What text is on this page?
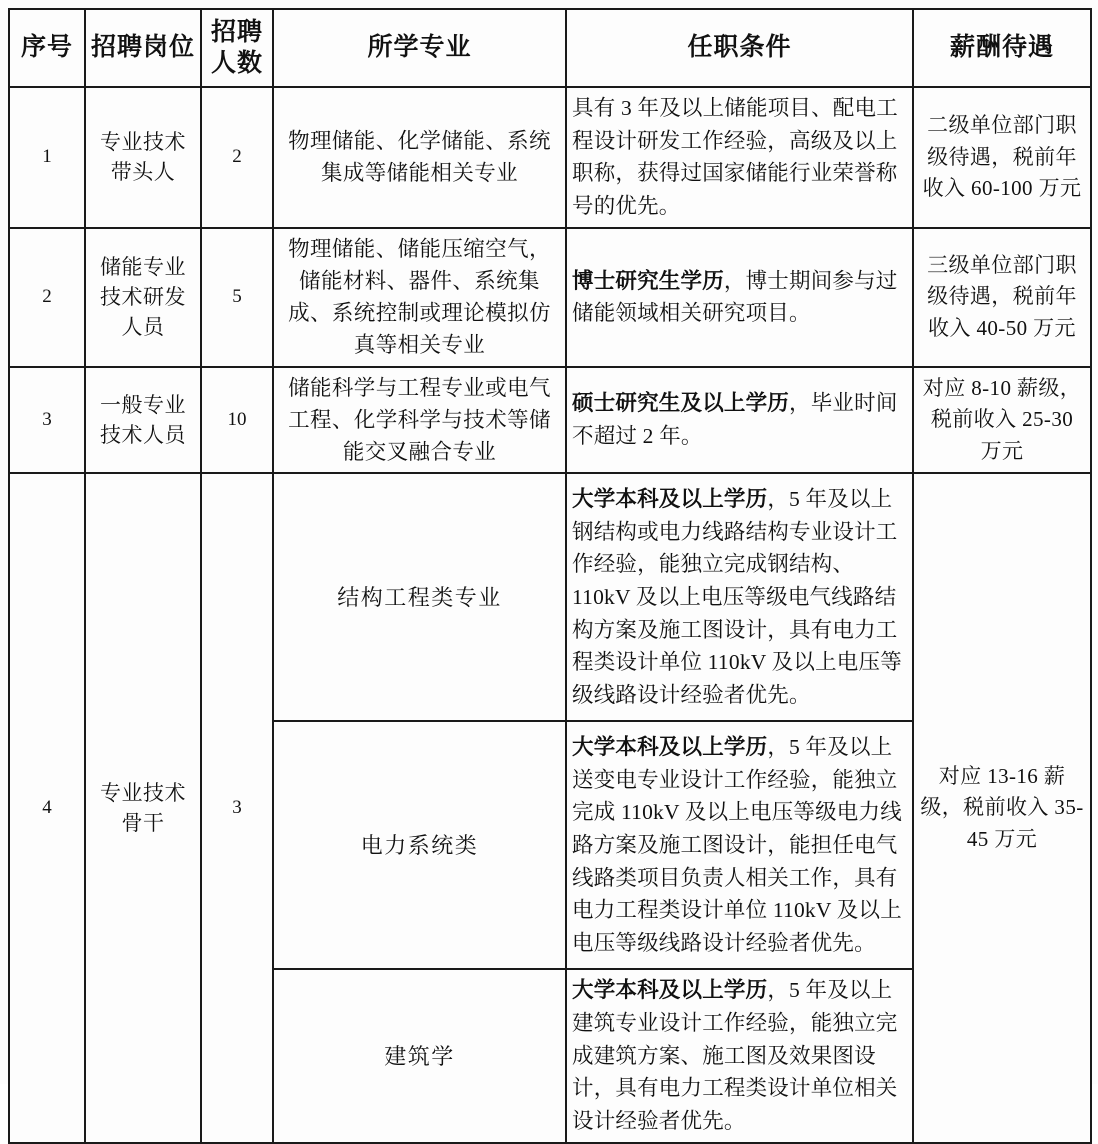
序号	招聘岗位	招聘人数	所学专业	任职条件	薪酬待遇
1	专业技术带头人	2	物理储能、化学储能、系统集成等储能相关专业	具有 3 年及以上储能项目、配电工程设计研发工作经验，高级及以上职称，获得过国家储能行业荣誉称号的优先。	二级单位部门职级待遇，税前年收入 60-100 万元
2	储能专业技术研发人员	5	物理储能、储能压缩空气，储能材料、器件、系统集成、系统控制或理论模拟仿真等相关专业	博士研究生学历，博士期间参与过储能领域相关研究项目。	三级单位部门职级待遇，税前年收入 40-50 万元
3	一般专业技术人员	10	储能科学与工程专业或电气工程、化学科学与技术等储能交叉融合专业	硕士研究生及以上学历，毕业时间不超过 2 年。	对应 8-10 薪级，税前收入 25-30 万元
4	专业技术骨干	3	结构工程类专业	大学本科及以上学历，5 年及以上钢结构或电力线路结构专业设计工作经验，能独立完成钢结构、110kV 及以上电压等级电气线路结构方案及施工图设计，具有电力工程类设计单位 110kV 及以上电压等级线路设计经验者优先。	对应 13-16 薪级，税前收入 35-45 万元
			电力系统类	大学本科及以上学历，5 年及以上送变电专业设计工作经验，能独立完成 110kV 及以上电压等级电力线路方案及施工图设计，能担任电气线路类项目负责人相关工作，具有电力工程类设计单位 110kV 及以上电压等级线路设计经验者优先。	
			建筑学	大学本科及以上学历，5 年及以上建筑专业设计工作经验，能独立完成建筑方案、施工图及效果图设计，具有电力工程类设计单位相关设计经验者优先。	
